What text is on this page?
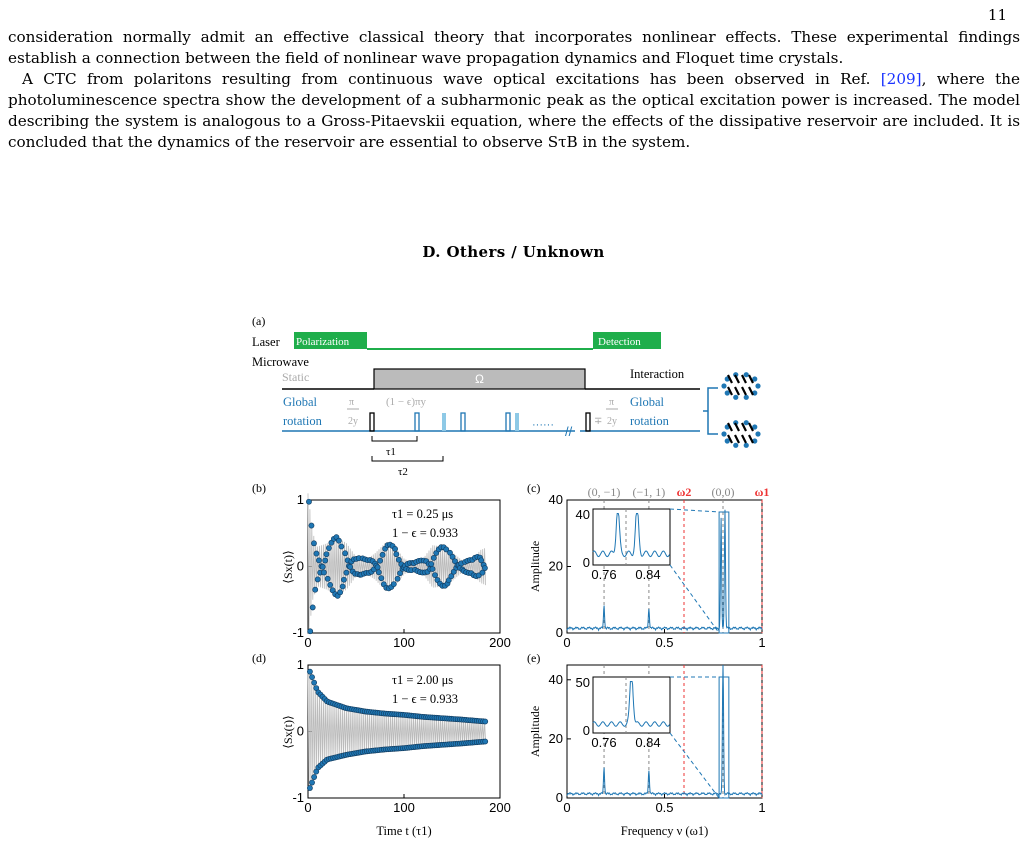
11

consideration normally admit an effective classical theory that incorporates nonlinear effects. These experimental findings establish a connection between the field of nonlinear wave propagation dynamics and Floquet time crystals.

A CTC from polaritons resulting from continuous wave optical excitations has been observed in Ref. [209], where the photoluminescence spectra show the development of a subharmonic peak as the optical excitation power is increased. The model describing the system is analogous to a Gross-Pitaevskii equation, where the effects of the dissipative reservoir are included. It is concluded that the dynamics of the reservoir are essential to observe SτB in the system.

D. Others / Unknown
(a)
Laser Polarization	Detection
Microwave
Static	Ω	Interaction
Global
rotation
π
2y
(1 − ϵ)πy
//
······	∓
π
2y
Global
rotation
τ1
τ2
(b)	(c)
(d)	(e)
0	100	200
1
0
-1
τ1 = 0.25 μs
1 − ϵ = 0.933
⟨Sx(t)⟩
0	0.5	1
40
20
0
40
0
0.76 0.84
Amplitude
(0, −1) (−1, 1) ω2 (0,0) ω1
0	100	200
1
0
-1
τ1 = 2.00 μs
1 − ϵ = 0.933
⟨Sx(t)⟩
Time t (τ1)
0	0.5	1
40
20
0
50
0
0.76 0.84
Amplitude
Frequency ν (ω1)
